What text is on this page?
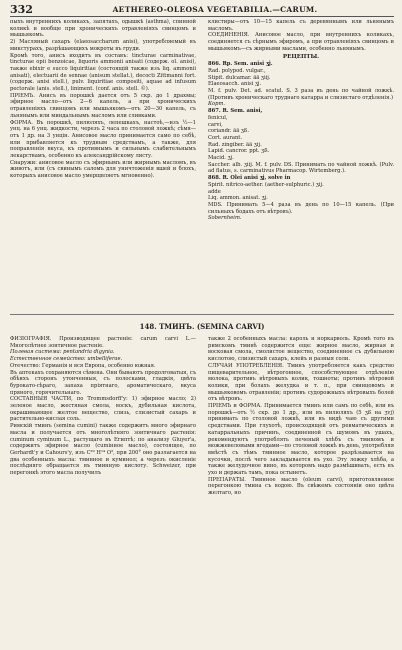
332	AETHEREO-OLEOSA VEGETABILIA.—CARUM.

пыхъ внутреннихъ коликахъ, запятахъ, одышкѣ (asthma), спинной коликѣ и вообще при хроническихъ отравленіяхъ свинцомъ и мышьякомъ.

2) Масляный сахаръ (elaeosaccharum anisi), употребляемый въ микстурахъ, разрѣшающихъ мокроты въ груди.

Кромѣ того, анисъ входитъ въ составъ: tincturae carminativae, tincturae opii benzoicae, liquoris ammonii anisati (содерж. ol. anisi), также ebixir e succo liquiritiae (состоящій также изъ liq. ammonii anisati), electuarii de sennae (anisum stellat.), decocti Zittmanni fort. (содерж. anisi stell.), pulv. liquiritiae compositi, aquae ad infusum pectorale (anis. stell.), liniment. (conf. anis. stell. ©).

ПРІЕМЪ. Анисъ въ порошкѣ дается отъ 5 скр. до 1 драхмы; эфирное масло—отъ 2—6 капель, а при хроническихъ отравленіяхъ свинцомъ или мышьякомъ—отъ 20—30 капель, съ льнянымъ или миндальнымъ масломъ или сливками.

ФОРМА. Въ порошкѣ, пилюляхъ, лепешкахъ, настоѣ,—изъ ½—1 унц. на 6 унц. жидкости, черезъ 2 часа по столовой ложкѣ; сѣмя—отъ 1 др. на 3 унцін. Анисовое масло принимается само по себѣ, или прибавляется къ трудным средствамъ, а также, для поправленія вкуса, къ противнымъ и сильнымъ слабительнымъ лекарствамъ, особенно къ александрійскому листу.

Снаружи: анисовое масло съ эфирнымъ или жирнымъ масломъ, въ животъ, или (съ свинымъ саломъ для уничтоженія вшей и блохъ, которыхъ анисовое масло умерщвляетъ мгновенно).

клистиры—отъ 10—15 капель съ деревяннымъ или льнянымъ масломъ.

СОЕДИНЕНІЯ. Анисовое масло, при внутреннихъ коликахъ, соединяется съ сѣрнымъ эфиромъ, а при отравленіяхъ свинцомъ и мышьякомъ—съ жирными маслами, особенно льнянымъ.

РЕЦЕПТЫ.

866. Rp. Sem. anisi ʒj.

Rad. polypod. vulgar.,

Stipit. dulcamar. ää ʒiij.

Elaeosacch. anisi ʒj.

M. f. pulv. Det. ad. scatul. S. 3 раза въ день по чайной ложкѣ. (Противъ хроническаго труднаго катарра и слизистаго отдѣленія.)

Корт.

867. R. Sem. anisi,

fenicul,

carvi,

coriandr. ää ʒß.

Cort. aurant.

Rad. zingiber. ää ʒij.

Lapid. cancror. ppt. ʒß.

Macid. ʒj.

Saccher. alb. ʒiij. M. f. pulv. DS. Принимать по чайной ложкѣ. (Pulv. ad flatus, s. carminativus Pharmacop. Wirtemberg.).

868. R. Olei anisi ʒj, solve in

Spirit. nitrico-aether. (aether-sulphuric.) ʒij.

adde

Liq. ammon. anisat. ʒj.

MDS. Принимать 5—4 раза въ день по 10—15 капель. (При сильныхъ бодахъ отъ вѣтровъ).

Sobernheim.

148. ТМИНЪ. (SEMINA CARVI)

ФИЗІОГРАФІЯ. Производящее растеніе: carum carvi L.—Многолѣтнее зонтичное растеніе.

Полевая система: pentandria digynia.

Естественное семейство: umbelliferae.

Отечество: Германія и вся Европа, особенно южная.

Въ аптекахъ сохраняются сѣмена. Они бываютъ продолговатыя, съ обѣихъ сторонъ утонченныя, съ полосками, гладкія, цвѣта бурокато-сѣраго, запаха пріятнаго, ароматическаго, вкуса пряного, горячительнаго.

СОСТАВНЫЯ ЧАСТИ, по Trommsdorff'у: 1) эфирное масло; 2) зеленое масло, жестяная смола, воскъ, дубильная кислота, окрашивающее желтое вещество, слизь, слизистый сахаръ и растительно-кислая соль.

Римскій тминъ (semina cumini) также содержитъ много эфирнаго масла и получается отъ многолѣтняго зонтичнаго растенія: cuminum cyminum L., растущаго въ Египтѣ; по анализу Gluyer'а, содержитъ эфирное масло (cumiнное масло), состоящее, по Gerhardt'у и Cahours'у, изъ C²⁰ H¹⁴ O², при 200° оно разлагается на два особенныхъ масла: тминное и куминол; а черезъ окисленіе послѣдняго обращается въ тминную кислоту. Schweizer, при перегонкѣ этого масла получилъ

также 2 особенныхъ масла: кароль и норкарволь. Кромѣ того въ римскомъ тминѣ содержится еще: жирное масло, жирная и восковая смола, смолистое вещество, соединенное съ дубильною кислотою, слизистый сахаръ, клейъ и разныя соли.

СЛУЧАИ УПОТРЕБЛЕНІЯ. Тминъ употребляется какъ средство пищеварительное, вѣтрогонное, способствующее отдѣленію молока, противъ вѣтровыхъ колик, тошноты; противъ вѣтровой колики, при болахъ желудка и т. п., при свинцовомъ и мышьяковомъ отравленіи; противъ судорожныхъ вѣтровыхъ болей отъ вѣтровъ.

ПРІЕМЪ и ФОРМА. Принимается тминъ или самъ по себѣ, или въ порошкѣ—отъ ½ скр. до 1 др., или въ пилюляхъ (5 ʒß на ʒvj) принимать по столовой ложкѣ, или въ видѣ чаю съ другими средствами. При глухотѣ, происходящей отъ ревматическихъ и катарральныхъ причинъ, соединенной съ шумомъ въ ушахъ, рекомендуютъ употреблять печеный хлѣбъ съ тминомъ и можжевеловыми ягодами—по столовой ложкѣ въ день, употребляя вмѣстѣ съ тѣмъ тминное масло, которое разрѣзывается на кусочки, послѣ чего закладывается въ ухо. Эту ложку хлѣба, а также желудочное вино, въ которомъ надо размѣшивать, есть въ ухо и держать тамъ, пока остынетъ.

ПРЕПАРАТЫ. Тминное масло (oleum carvi), приготовляемое перегонкою тмина съ водою. Въ свѣжемъ состояніи оно цвѣта желтаго, но
